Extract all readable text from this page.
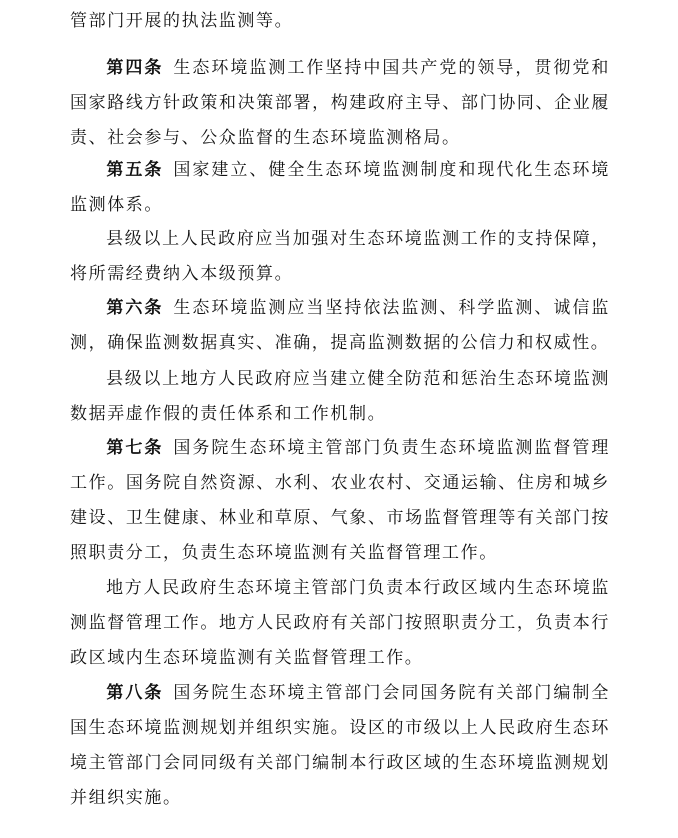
管部门开展的执法监测等。

第四条 生态环境监测工作坚持中国共产党的领导，贯彻党和国家路线方针政策和决策部署，构建政府主导、部门协同、企业履责、社会参与、公众监督的生态环境监测格局。

第五条 国家建立、健全生态环境监测制度和现代化生态环境监测体系。

县级以上人民政府应当加强对生态环境监测工作的支持保障，将所需经费纳入本级预算。

第六条 生态环境监测应当坚持依法监测、科学监测、诚信监测，确保监测数据真实、准确，提高监测数据的公信力和权威性。

县级以上地方人民政府应当建立健全防范和惩治生态环境监测数据弄虚作假的责任体系和工作机制。

第七条 国务院生态环境主管部门负责生态环境监测监督管理工作。国务院自然资源、水利、农业农村、交通运输、住房和城乡建设、卫生健康、林业和草原、气象、市场监督管理等有关部门按照职责分工，负责生态环境监测有关监督管理工作。

地方人民政府生态环境主管部门负责本行政区域内生态环境监测监督管理工作。地方人民政府有关部门按照职责分工，负责本行政区域内生态环境监测有关监督管理工作。

第八条 国务院生态环境主管部门会同国务院有关部门编制全国生态环境监测规划并组织实施。设区的市级以上人民政府生态环境主管部门会同同级有关部门编制本行政区域的生态环境监测规划并组织实施。
